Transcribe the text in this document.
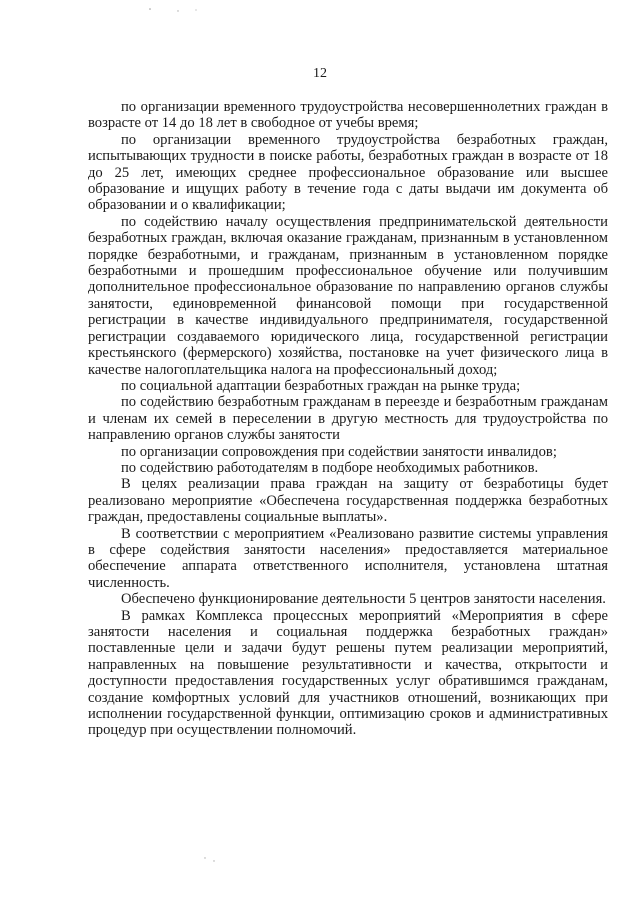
12

по организации временного трудоустройства несовершеннолетних граждан в возрасте от 14 до 18 лет в свободное от учебы время;

по организации временного трудоустройства безработных граждан, испытывающих трудности в поиске работы, безработных граждан в возрасте от 18 до 25 лет, имеющих среднее профессиональное образование или высшее образование и ищущих работу в течение года с даты выдачи им документа об образовании и о квалификации;

по содействию началу осуществления предпринимательской деятельности безработных граждан, включая оказание гражданам, признанным в установленном порядке безработными, и гражданам, признанным в установленном порядке безработными и прошедшим профессиональное обучение или получившим дополнительное профессиональное образование по направлению органов службы занятости, единовременной финансовой помощи при государственной регистрации в качестве индивидуального предпринимателя, государственной регистрации создаваемого юридического лица, государственной регистрации крестьянского (фермерского) хозяйства, постановке на учет физического лица в качестве налогоплательщика налога на профессиональный доход;

по социальной адаптации безработных граждан на рынке труда;

по содействию безработным гражданам в переезде и безработным гражданам и членам их семей в переселении в другую местность для трудоустройства по направлению органов службы занятости

по организации сопровождения при содействии занятости инвалидов;

по содействию работодателям в подборе необходимых работников.

В целях реализации права граждан на защиту от безработицы будет реализовано мероприятие «Обеспечена государственная поддержка безработных граждан, предоставлены социальные выплаты».

В соответствии с мероприятием «Реализовано развитие системы управления в сфере содействия занятости населения» предоставляется материальное обеспечение аппарата ответственного исполнителя, установлена штатная численность.

Обеспечено функционирование деятельности 5 центров занятости населения.

В рамках Комплекса процессных мероприятий «Мероприятия в сфере занятости населения и социальная поддержка безработных граждан» поставленные цели и задачи будут решены путем реализации мероприятий, направленных на повышение результативности и качества, открытости и доступности предоставления государственных услуг обратившимся гражданам, создание комфортных условий для участников отношений, возникающих при исполнении государственной функции, оптимизацию сроков и административных процедур при осуществлении полномочий.
